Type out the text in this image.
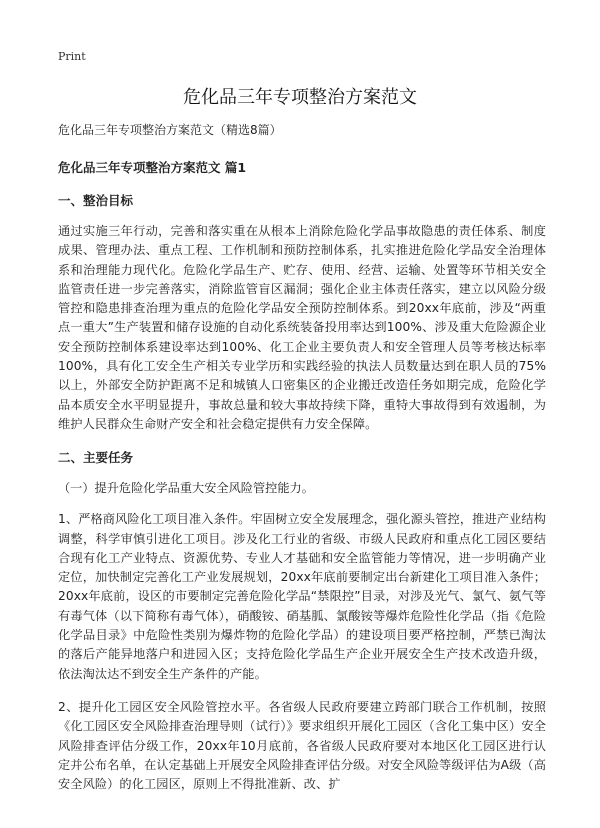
Print
危化品三年专项整治方案范文

危化品三年专项整治方案范文（精选8篇）

危化品三年专项整治方案范文 篇1

一、整治目标

通过实施三年行动，完善和落实重在从根本上消除危险化学品事故隐患的责任体系、制度成果、管理办法、重点工程、工作机制和预防控制体系，扎实推进危险化学品安全治理体系和治理能力现代化。危险化学品生产、贮存、使用、经营、运输、处置等环节相关安全监管责任进一步完善落实，消除监管盲区漏洞；强化企业主体责任落实，建立以风险分级管控和隐患排查治理为重点的危险化学品安全预防控制体系。到20xx年底前，涉及“两重点一重大”生产装置和储存设施的自动化系统装备投用率达到100%、涉及重大危险源企业安全预防控制体系建设率达到100%、化工企业主要负责人和安全管理人员等考核达标率100%，具有化工安全生产相关专业学历和实践经验的执法人员数量达到在职人员的75%以上，外部安全防护距离不足和城镇人口密集区的企业搬迁改造任务如期完成，危险化学品本质安全水平明显提升，事故总量和较大事故持续下降，重特大事故得到有效遏制，为维护人民群众生命财产安全和社会稳定提供有力安全保障。

二、主要任务

（一）提升危险化学品重大安全风险管控能力。

1、严格商风险化工项目准入条件。牢固树立安全发展理念，强化源头管控，推进产业结构调整，科学审慎引进化工项目。涉及化工行业的省级、市级人民政府和重点化工园区要结合现有化工产业特点、资源优势、专业人才基础和安全监管能力等情况，进一步明确产业定位，加快制定完善化工产业发展规划，20xx年底前要制定出台新建化工项目准入条件；20xx年底前，设区的市要制定完善危险化学品“禁限控”目录，对涉及光气、氯气、氨气等有毒气体（以下简称有毒气体），硝酸铵、硝基胍、氯酸铵等爆炸危险性化学品（指《危险化学品目录》中危险性类别为爆炸物的危险化学品）的建设项目要严格控制，严禁已淘汰的落后产能异地落户和进园入区；支持危险化学品生产企业开展安全生产技术改造升级，依法淘汰达不到安全生产条件的产能。

2、提升化工园区安全风险管控水平。各省级人民政府要建立跨部门联合工作机制，按照《化工园区安全风险排查治理导则（试行）》要求组织开展化工园区（含化工集中区）安全风险排查评估分级工作，20xx年10月底前，各省级人民政府要对本地区化工园区进行认定并公布名单，在认定基础上开展安全风险排查评估分级。对安全风险等级评估为A级（高安全风险）的化工园区，原则上不得批准新、改、扩
